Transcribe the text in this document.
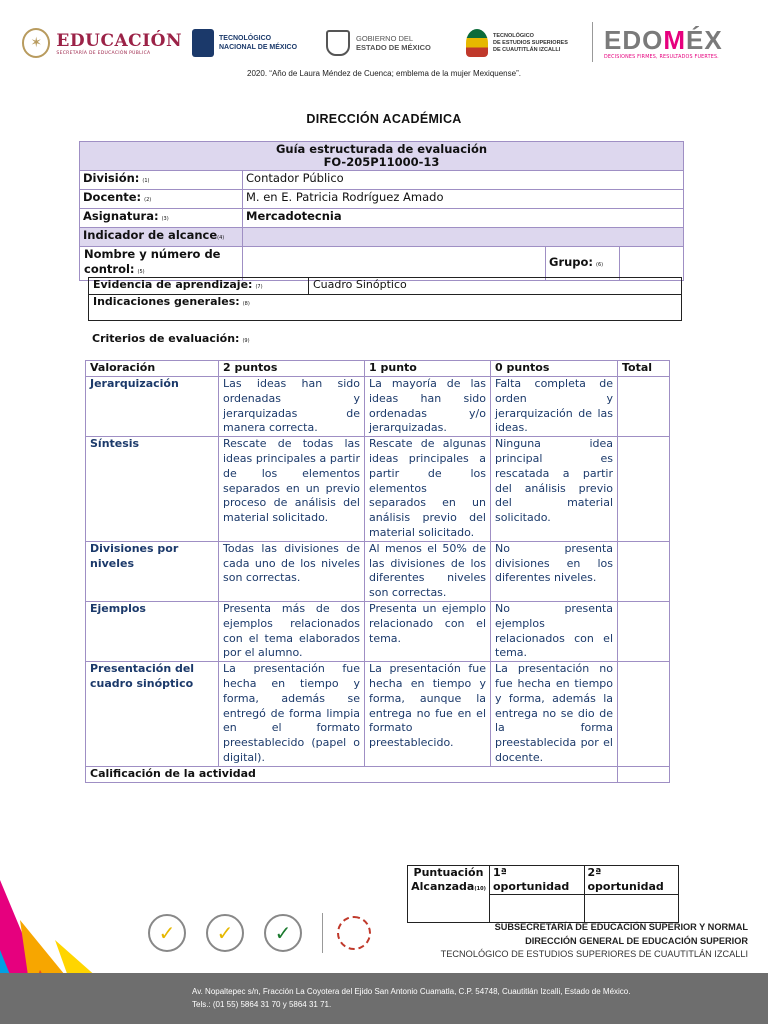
✶ EDUCACIÓN
SECRETARÍA DE EDUCACIÓN PÚBLICA
TECNOLÓGICO
NACIONAL DE MÉXICO
GOBIERNO DEL
ESTADO DE MÉXICO
TECNOLÓGICO
DE ESTUDIOS SUPERIORES
DE CUAUTITLÁN IZCALLI EDOMÉX
DECISIONES FIRMES, RESULTADOS FUERTES.
2020. “Año de Laura Méndez de Cuenca; emblema de la mujer Mexiquense”.
DIRECCIÓN ACADÉMICA
Guía estructurada de evaluación
FO-205P11000-13			

División: (1)	Contador Público		
Docente: (2)	M. en E. Patricia Rodríguez Amado		
Asignatura: (3)	Mercadotecnia		
Indicador de alcance(4)			

Nombre y número de
control: (5)		Grupo: (6)	
Evidencia de aprendizaje: (7)	Cuadro Sinóptico
Indicaciones generales: (8)
Criterios de evaluación: (9)
Valoración	2 puntos	1 punto	0 puntos	Total
Jerarquización	Las ideas han sido ordenadas y jerarquizadas de manera correcta.	La mayoría de las ideas han sido ordenadas y/o jerarquizadas.	Falta completa de orden y jerarquización de las ideas.	
Síntesis	Rescate de todas las ideas principales a partir de los elementos separados en un previo proceso de análisis del material solicitado.	Rescate de algunas ideas principales a partir de los elementos separados en un análisis previo del material solicitado.	Ninguna idea principal es rescatada a partir del análisis previo del material solicitado.	
Divisiones por niveles	Todas las divisiones de cada uno de los niveles son correctas.	Al menos el 50% de las divisiones de los diferentes niveles son correctas.	No presenta divisiones en los diferentes niveles.	
Ejemplos	Presenta más de dos ejemplos relacionados con el tema elaborados por el alumno.	Presenta un ejemplo relacionado con el tema.	No presenta ejemplos relacionados con el tema.	
Presentación del cuadro sinóptico	La presentación fue hecha en tiempo y forma, además se entregó de forma limpia en el formato preestablecido (papel o digital).	La presentación fue hecha en tiempo y forma, aunque la entrega no fue en el formato preestablecido.	La presentación no fue hecha en tiempo y forma, además la entrega no se dio de la forma preestablecida por el docente.	
Calificación de la actividad				
Puntuación
Alcanzada(10)	1ª oportunidad	2ª oportunidad

✓	✓	✓	SUBSECRETARÍA DE EDUCACIÓN SUPERIOR Y NORMAL
DIRECCIÓN GENERAL DE EDUCACIÓN SUPERIOR
TECNOLÓGICO DE ESTUDIOS SUPERIORES DE CUAUTITLÁN IZCALLI
Av. Nopaltepec s/n, Fracción La Coyotera del Ejido San Antonio Cuamatla, C.P. 54748, Cuautitlán Izcalli, Estado de México.
Tels.: (01 55) 5864 31 70 y 5864 31 71.
